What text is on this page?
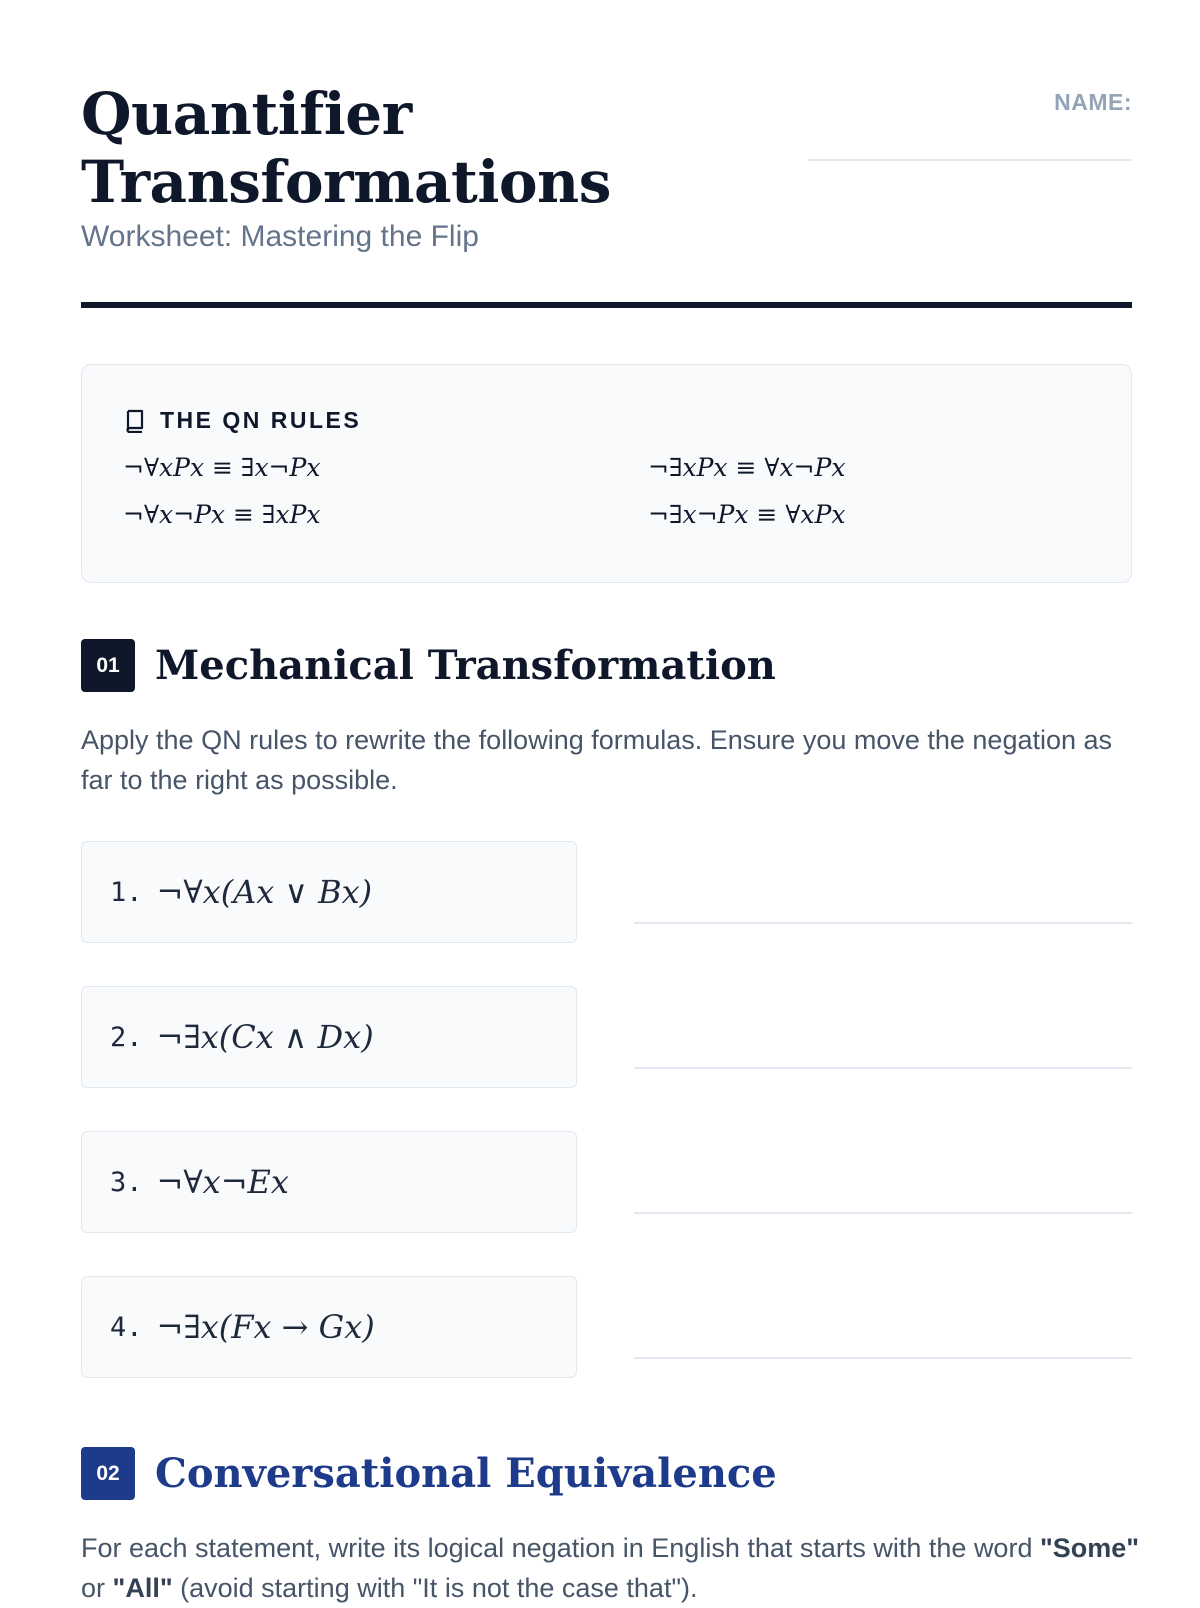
Quantifier
Transformations
Worksheet: Mastering the Flip
NAME:
THE QN RULES
¬∀xPx ≡ ∃x¬Px	¬∃xPx ≡ ∀x¬Px
¬∀x¬Px ≡ ∃xPx	¬∃x¬Px ≡ ∀xPx
01 Mechanical Transformation

Apply the QN rules to rewrite the following formulas. Ensure you move the negation as far to the right as possible.

1. ¬∀x(Ax ∨ Bx)
2. ¬∃x(Cx ∧ Dx)
3. ¬∀x¬Ex
4. ¬∃x(Fx → Gx)
02 Conversational Equivalence

For each statement, write its logical negation in English that starts with the word "Some" or "All" (avoid starting with "It is not the case that").
